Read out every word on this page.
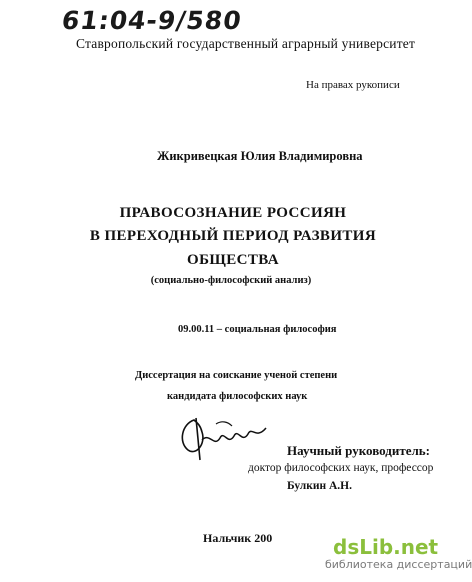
61:04-9/580
Ставропольский государственный аграрный университет
На правах рукописи
Жикривецкая Юлия Владимировна
ПРАВОСОЗНАНИЕ РОССИЯН
В ПЕРЕХОДНЫЙ ПЕРИОД РАЗВИТИЯ
ОБЩЕСТВА
(социально-философский анализ)
09.00.11 – социальная философия
Диссертация на соискание ученой степени
кандидата философских наук
Научный руководитель:
доктор философских наук, профессор
Булкин А.Н.
Нальчик 200	dsLib.net
библиотека диссертаций
